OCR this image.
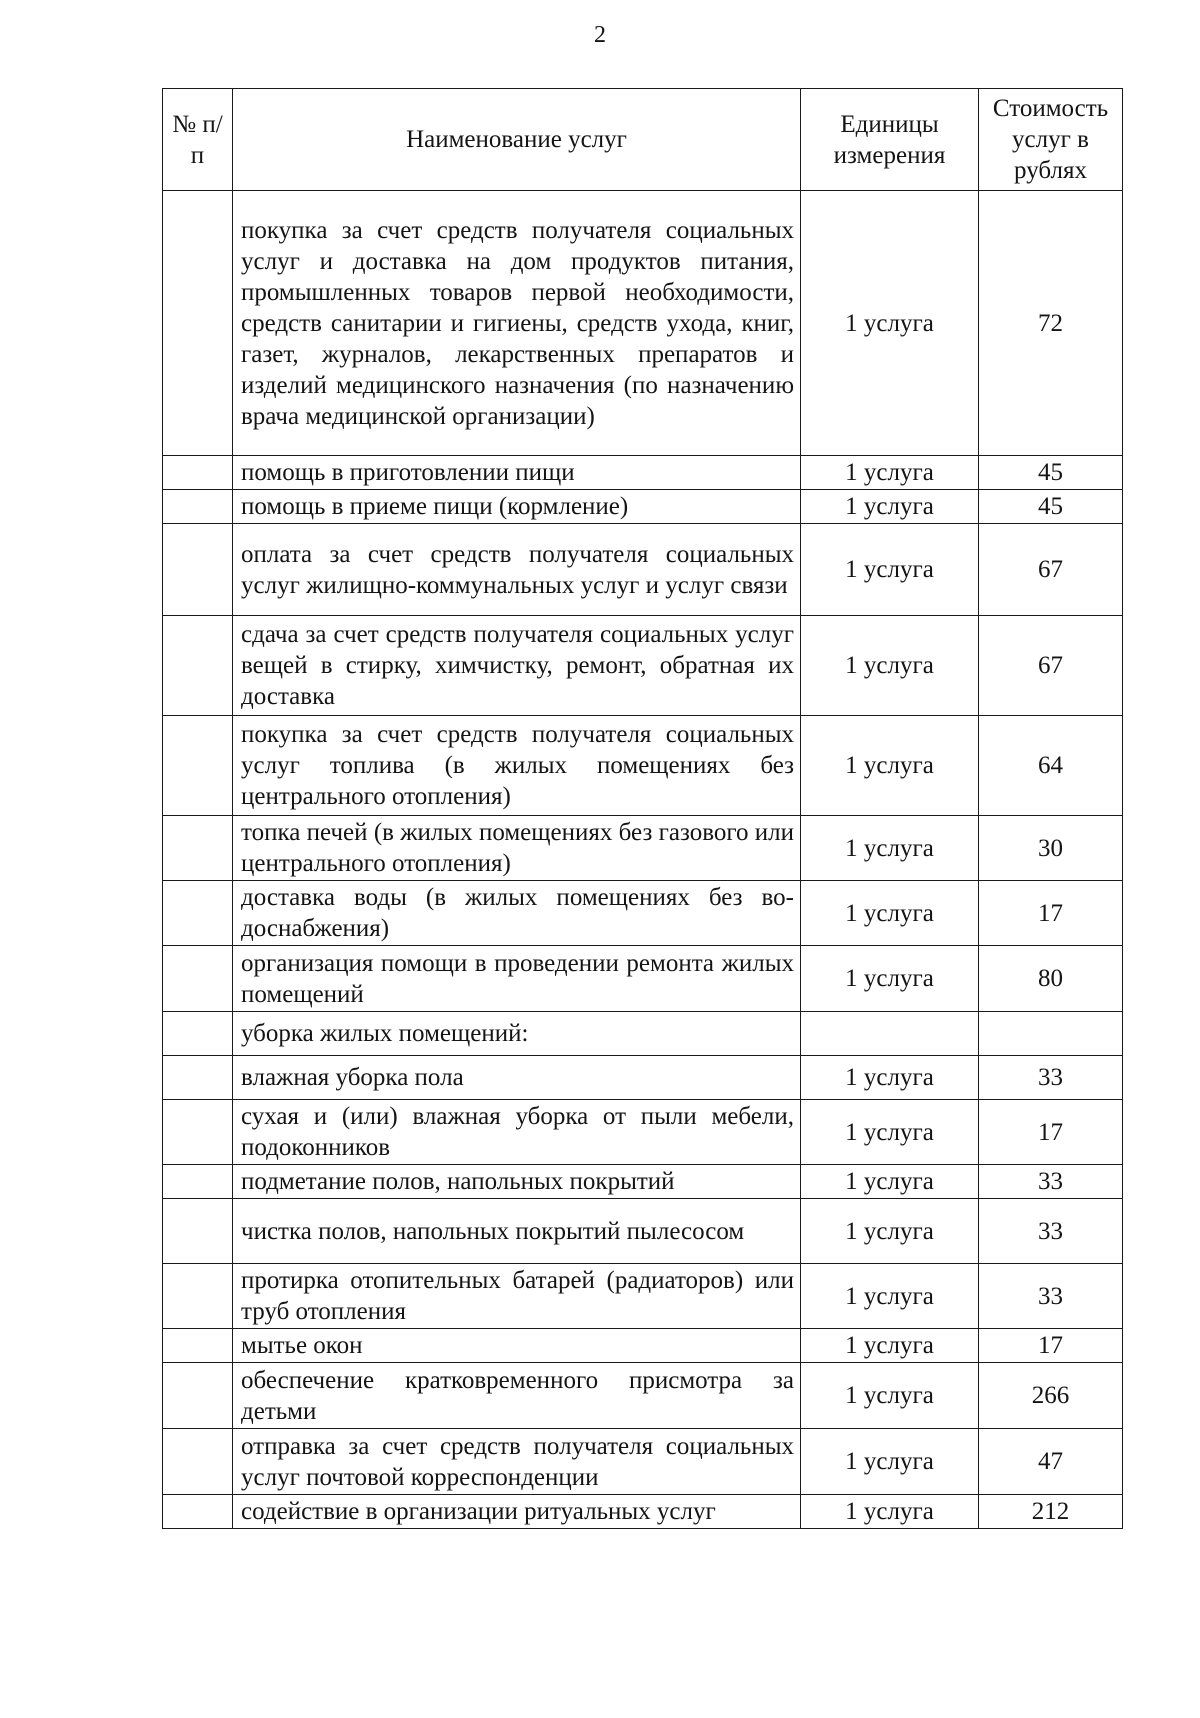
2
№ п/п	Наименование услуг	Единицы измерения	Стоимость услуг в рублях
	покупка за счет средств получателя социальных услуг и доставка на дом продуктов питания, промышленных товаров первой необходимости, средств санитарии и гигиены, средств ухода, книг, газет, журналов, лекарственных препаратов и изделий медицинского назначения (по назначению врача медицинской организации)	1 услуга	72
	помощь в приготовлении пищи	1 услуга	45
	помощь в приеме пищи (кормление)	1 услуга	45
	оплата за счет средств получателя социальных услуг жилищно-коммунальных услуг и услуг связи	1 услуга	67
	сдача за счет средств получателя социальных услуг вещей в стирку, химчистку, ремонт, обратная их доставка	1 услуга	67
	покупка за счет средств получателя социальных услуг топлива (в жилых помещениях без центрального отопления)	1 услуга	64
	топка печей (в жилых помещениях без газового или центрального отопления)	1 услуга	30
	доставка воды (в жилых помещениях без водоснабжения)	1 услуга	17
	организация помощи в проведении ремонта жилых помещений	1 услуга	80
	уборка жилых помещений:		
	влажная уборка пола	1 услуга	33
	сухая и (или) влажная уборка от пыли мебели, подоконников	1 услуга	17
	подметание полов, напольных покрытий	1 услуга	33
	чистка полов, напольных покрытий пылесосом	1 услуга	33
	протирка отопительных батарей (радиаторов) или труб отопления	1 услуга	33
	мытье окон	1 услуга	17
	обеспечение кратковременного присмотра за детьми	1 услуга	266
	отправка за счет средств получателя социальных услуг почтовой корреспонденции	1 услуга	47
	содействие в организации ритуальных услуг	1 услуга	212
